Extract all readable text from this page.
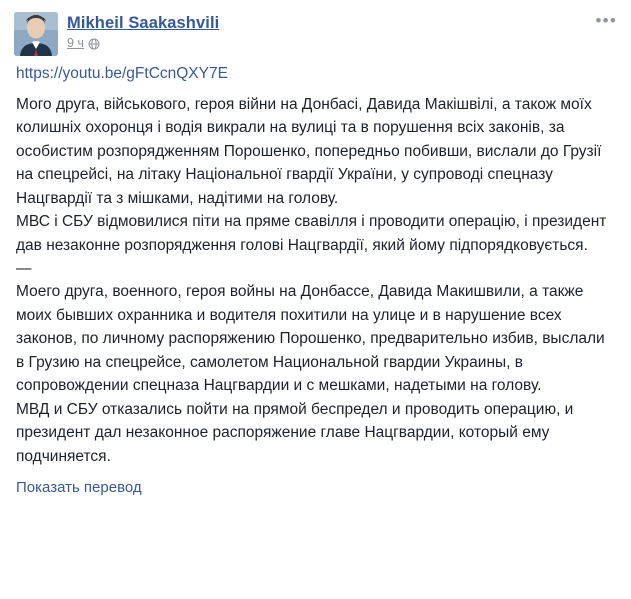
Mikheil Saakashvili
9 ч
•••
https://youtu.be/gFtCcnQXY7E

Мого друга, військового, героя війни на Донбасі, Давида Макішвілі, а також моїх колишніх охоронця і водія викрали на вулиці та в порушення всіх законів, за особистим розпорядженням Порошенко, попередньо побивши, вислали до Грузії на спецрейсі, на літаку Національної гвардії України, у супроводі спецназу Нацгвардії та з мішками, надітими на голову.

МВС і СБУ відмовилися піти на пряме свавілля і проводити операцію, і президент дав незаконне розпорядження голові Нацгвардії, який йому підпорядковується.

—

Моего друга, военного, героя войны на Донбассе, Давида Макишвили, а также моих бывших охранника и водителя похитили на улице и в нарушение всех законов, по личному распоряжению Порошенко, предварительно избив, выслали в Грузию на спецрейсе, самолетом Национальной гвардии Украины, в сопровождении спецназа Нацгвардии и с мешками, надетыми на голову.

МВД и СБУ отказались пойти на прямой беспредел и проводить операцию, и президент дал незаконное распоряжение главе Нацгвардии, который ему подчиняется.

Показать перевод
